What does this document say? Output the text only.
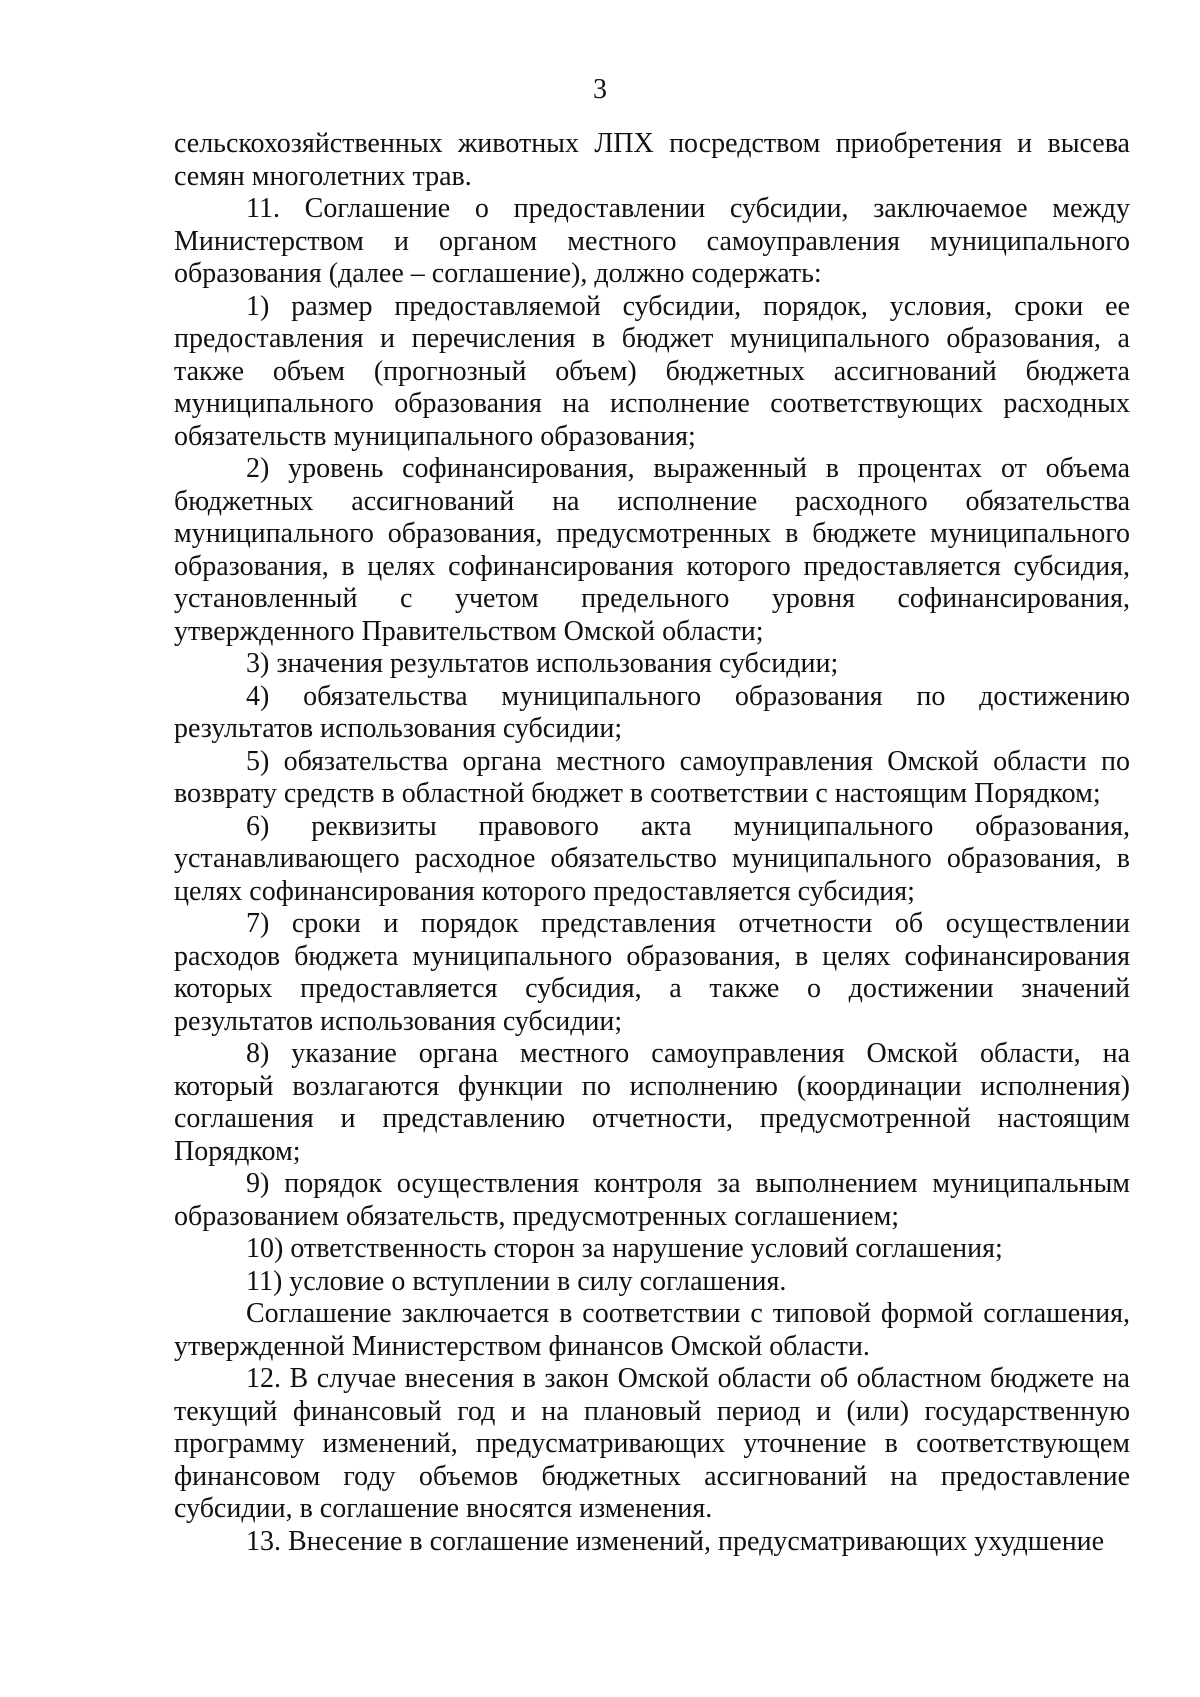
3

сельскохозяйственных животных ЛПХ посредством приобретения и высева семян многолетних трав.

11. Соглашение о предоставлении субсидии, заключаемое между Министерством и органом местного самоуправления муниципального образования (далее – соглашение), должно содержать:

1) размер предоставляемой субсидии, порядок, условия, сроки ее предоставления и перечисления в бюджет муниципального образования, а также объем (прогнозный объем) бюджетных ассигнований бюджета муниципального образования на исполнение соответствующих расходных обязательств муниципального образования;

2) уровень софинансирования, выраженный в процентах от объема бюджетных ассигнований на исполнение расходного обязательства муниципального образования, предусмотренных в бюджете муниципального образования, в целях софинансирования которого предоставляется субсидия, установленный с учетом предельного уровня софинансирования, утвержденного Правительством Омской области;

3) значения результатов использования субсидии;

4) обязательства муниципального образования по достижению результатов использования субсидии;

5) обязательства органа местного самоуправления Омской области по возврату средств в областной бюджет в соответствии с настоящим Порядком;

6) реквизиты правового акта муниципального образования, устанавливающего расходное обязательство муниципального образования, в целях софинансирования которого предоставляется субсидия;

7) сроки и порядок представления отчетности об осуществлении расходов бюджета муниципального образования, в целях софинансирования которых предоставляется субсидия, а также о достижении значений результатов использования субсидии;

8) указание органа местного самоуправления Омской области, на который возлагаются функции по исполнению (координации исполнения) соглашения и представлению отчетности, предусмотренной настоящим Порядком;

9) порядок осуществления контроля за выполнением муниципальным образованием обязательств, предусмотренных соглашением;

10) ответственность сторон за нарушение условий соглашения;

11) условие о вступлении в силу соглашения.

Соглашение заключается в соответствии с типовой формой соглашения, утвержденной Министерством финансов Омской области.

12. В случае внесения в закон Омской области об областном бюджете на текущий финансовый год и на плановый период и (или) государственную программу изменений, предусматривающих уточнение в соответствующем финансовом году объемов бюджетных ассигнований на предоставление субсидии, в соглашение вносятся изменения.

13. Внесение в соглашение изменений, предусматривающих ухудшение
